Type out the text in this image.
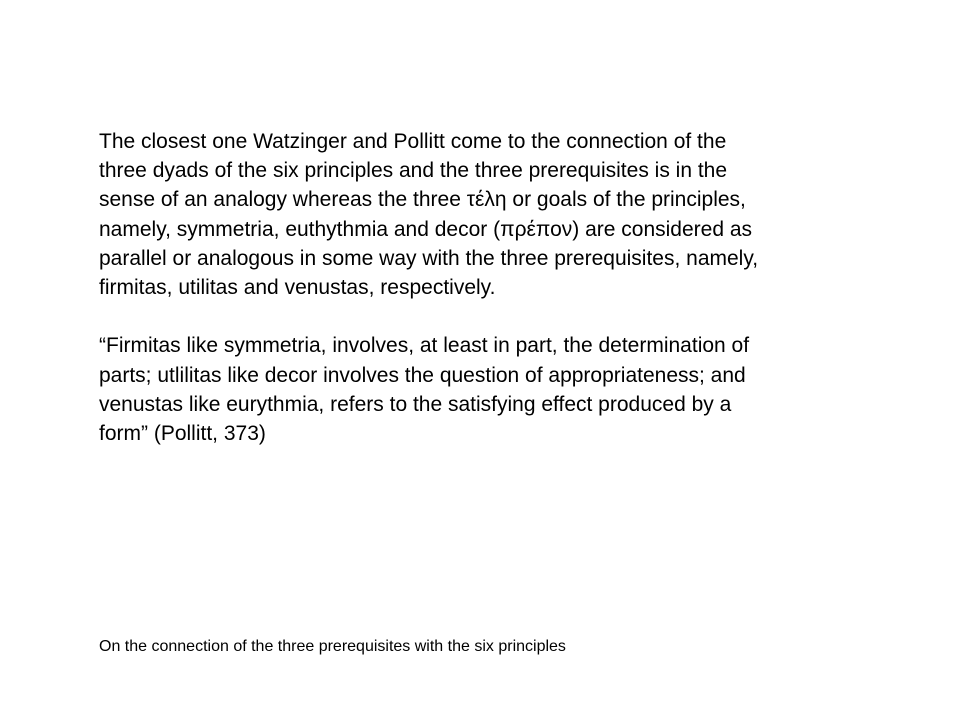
The closest one Watzinger and Pollitt come to the connection of the
three dyads of the six principles and the three prerequisites is in the
sense of an analogy whereas the three τέλη or goals of the principles,
namely, symmetria, euthythmia and decor (πρέπον) are considered as
parallel or analogous in some way with the three prerequisites, namely,
firmitas, utilitas and venustas, respectively.

“Firmitas like symmetria, involves, at least in part, the determination of
parts; utlilitas like decor involves the question of appropriateness; and
venustas like eurythmia, refers to the satisfying effect produced by a
form” (Pollitt, 373)

On the connection of the three prerequisites with the six principles
